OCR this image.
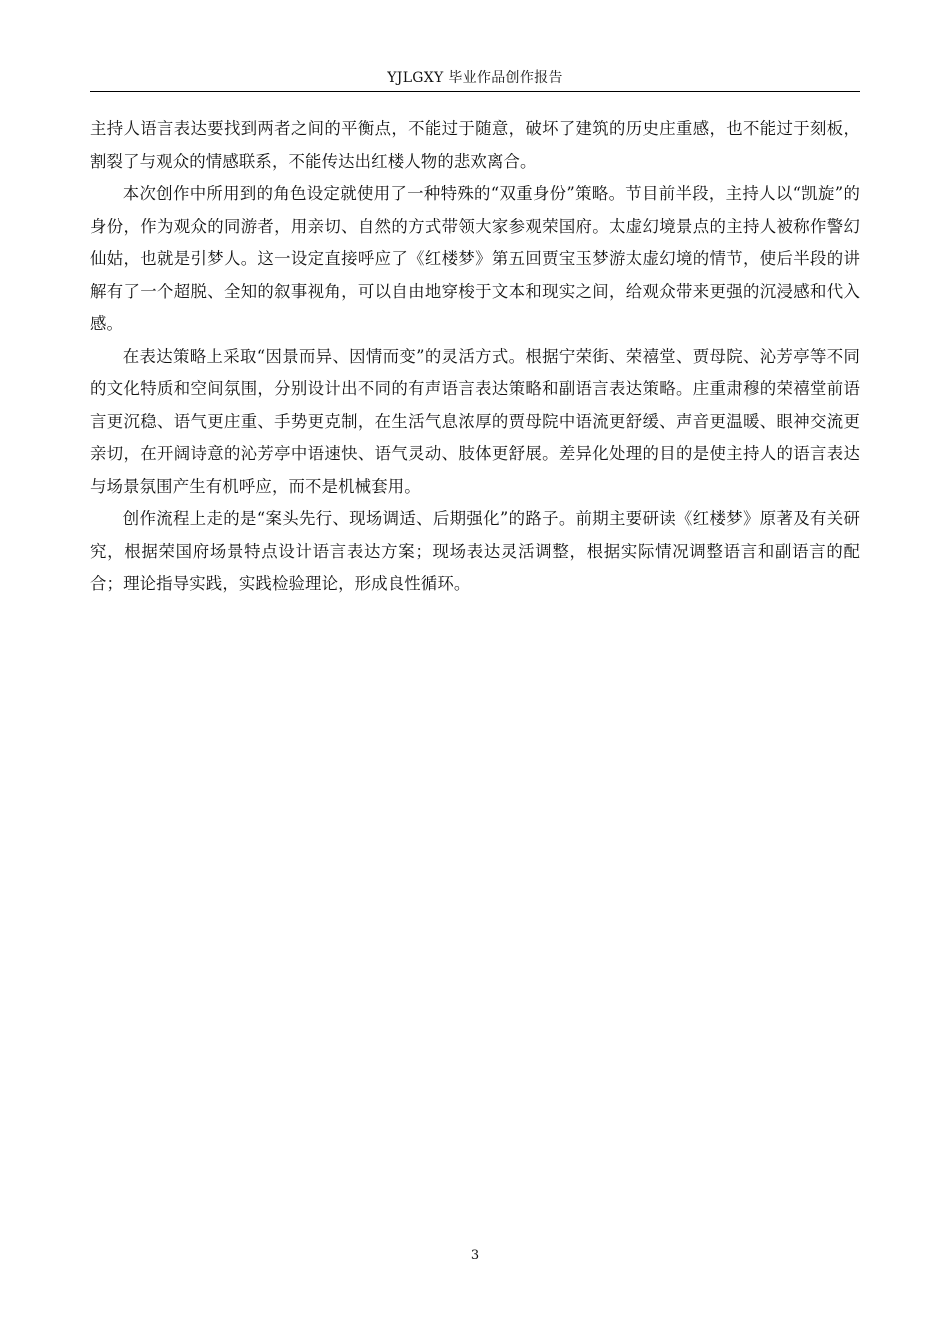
YJLGXY 毕业作品创作报告

主持人语言表达要找到两者之间的平衡点，不能过于随意，破坏了建筑的历史庄重感，也不能过于刻板，割裂了与观众的情感联系，不能传达出红楼人物的悲欢离合。

本次创作中所用到的角色设定就使用了一种特殊的“双重身份”策略。节目前半段，主持人以“凯旋”的身份，作为观众的同游者，用亲切、自然的方式带领大家参观荣国府。太虚幻境景点的主持人被称作警幻仙姑，也就是引梦人。这一设定直接呼应了《红楼梦》第五回贾宝玉梦游太虚幻境的情节，使后半段的讲解有了一个超脱、全知的叙事视角，可以自由地穿梭于文本和现实之间，给观众带来更强的沉浸感和代入感。

在表达策略上采取“因景而异、因情而变”的灵活方式。根据宁荣街、荣禧堂、贾母院、沁芳亭等不同的文化特质和空间氛围，分别设计出不同的有声语言表达策略和副语言表达策略。庄重肃穆的荣禧堂前语言更沉稳、语气更庄重、手势更克制，在生活气息浓厚的贾母院中语流更舒缓、声音更温暖、眼神交流更亲切，在开阔诗意的沁芳亭中语速快、语气灵动、肢体更舒展。差异化处理的目的是使主持人的语言表达与场景氛围产生有机呼应，而不是机械套用。

创作流程上走的是“案头先行、现场调适、后期强化”的路子。前期主要研读《红楼梦》原著及有关研究，根据荣国府场景特点设计语言表达方案；现场表达灵活调整，根据实际情况调整语言和副语言的配合；理论指导实践，实践检验理论，形成良性循环。

3
